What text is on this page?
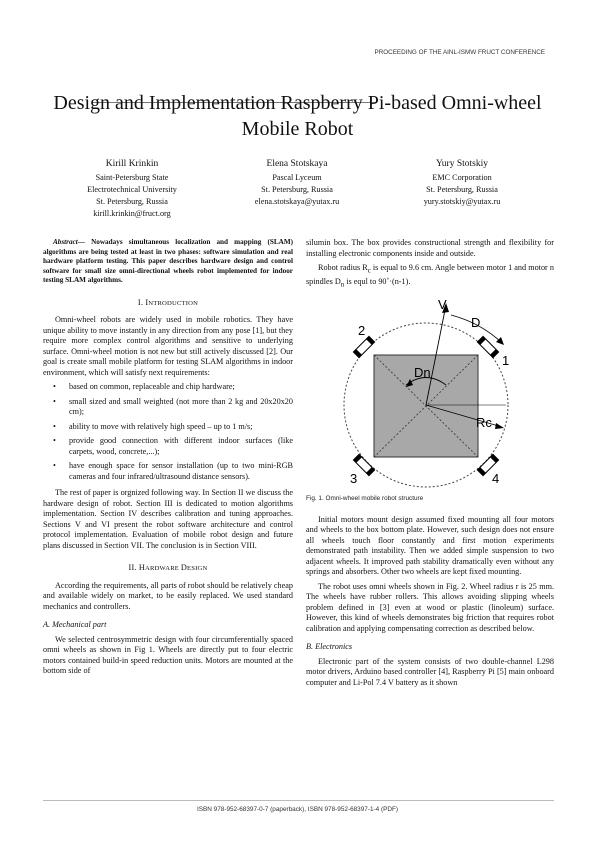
PROCEEDING OF THE AINL-ISMW FRUCT CONFERENCE
Design and Implementation Raspberry Pi-based Omni-wheel Mobile Robot
Kirill Krinkin
Saint-Petersburg State
Electrotechnical University
St. Petersburg, Russia
kirill.krinkin@fruct.org
Elena Stotskaya
Pascal Lyceum
St. Petersburg, Russia
elena.stotskaya@yutax.ru
Yury Stotskiy
EMC Corporation
St. Petersburg, Russia
yury.stotskiy@yutax.ru
Abstract— Nowadays simultaneous localization and mapping (SLAM) algorithms are being tested at least in two phases: software simulation and real hardware platform testing. This paper describes hardware design and control software for small size omni-directional wheels robot implemented for indoor testing SLAM algorithms.
I. INTRODUCTION

Omni-wheel robots are widely used in mobile robotics. They have unique ability to move instantly in any direction from any pose [1], but they require more complex control algorithms and sensitive to underlying surface. Omni-wheel motion is not new but still actively discussed [2]. Our goal is create small mobile platform for testing SLAM algorithms in indoor environment, which will satisfy next requirements:

• based on common, replaceable and chip hardware;
• small sized and small weighted (not more than 2 kg and 20x20x20 cm);
• ability to move with relatively high speed – up to 1 m/s;
• provide good connection with different indoor surfaces (like carpets, wood, concrete,...);
• have enough space for sensor installation (up to two mini-RGB cameras and four infrared/ultrasound distance sensors).

The rest of paper is orgnized following way. In Section II we discuss the hardware design of robot. Section III is dedicated to motion algorithms implementation. Section IV describes calibration and tuning approaches. Sections V and VI present the robot software architecture and control protocol implementation. Evaluation of mobile robot design and future plans discussed in Section VII. The conclusion is in Section VIII.

II. HARDWARE DESIGN

According the requirements, all parts of robot should be relatively cheap and available widely on market, to be easily replaced. We used standard mechanics and controllers.

A. Mechanical part

We selected centrosymmetric design with four circumferentially spaced omni wheels as shown in Fig 1. Wheels are directly put to four electric motors contained build-in speed reduction units. Motors are mounted at the bottom side of

silumin box. The box provides constructional strength and flexibility for installing electronic components inside and outside.

Robot radius $R_c$ is equal to 9.6 cm. Angle between motor 1 and motor n spindles $D_n$ is equl to 90˚·(n-1).

V
D
Dn
Rc
1
2
3	4
Fig. 1. Omni-wheel mobile robot structure

Initial motors mount design assumed fixed mounting all four motors and wheels to the box bottom plate. However, such design does not ensure all wheels touch floor constantly and first motion experiments demonstrated path instability. Then we added simple suspension to two adjacent wheels. It improved path stability dramatically even without any springs and absorbers. Other two wheels are kept fixed mounting.

The robot uses omni wheels shown in Fig. 2. Wheel radius r is 25 mm. The wheels have rubber rollers. This allows avoiding slipping wheels problem defined in [3] even at wood or plastic (linoleum) surface. However, this kind of wheels demonstrates big friction that requires robot calibration and applying compensating correction as described below.

B. Electronics

Electronic part of the system consists of two double-channel L298 motor drivers, Arduino based controller [4], Raspberry Pi [5] main onboard computer and Li-Pol 7.4 V battery as it shown

ISBN 978-952-68397-0-7 (paperback), ISBN 978-952-68397-1-4 (PDF)
